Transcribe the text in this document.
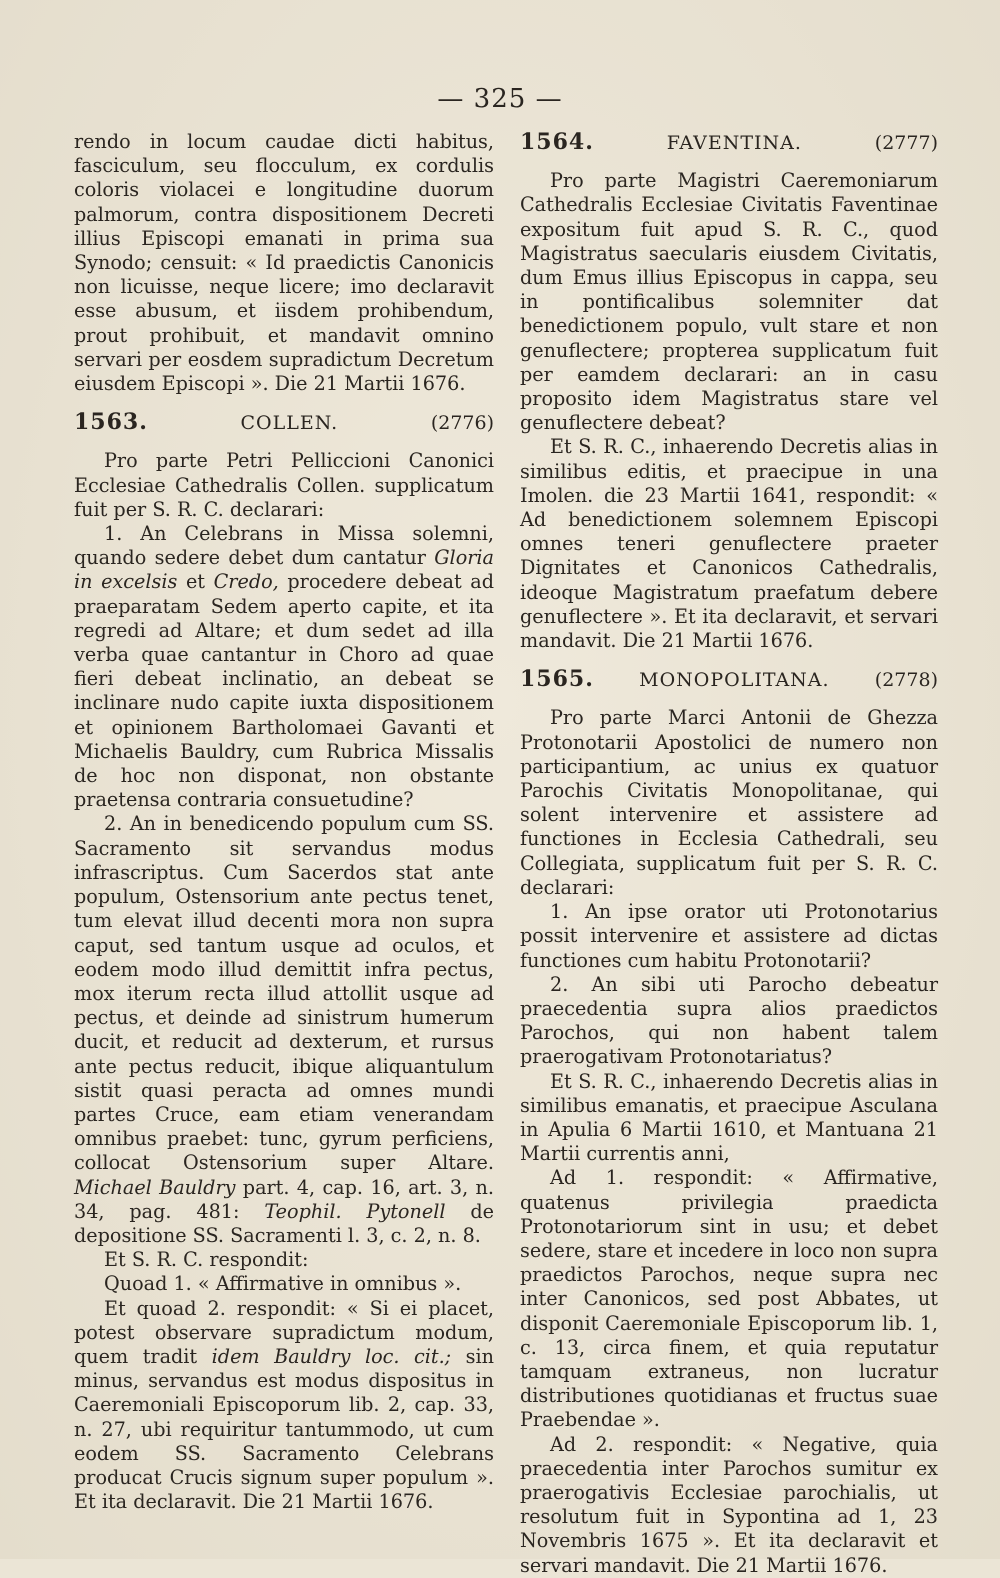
— 325 —

rendo in locum caudae dicti habitus, fasciculum, seu flocculum, ex cordulis coloris violacei e longitudine duorum palmorum, contra dispositionem Decreti illius Episcopi emanati in prima sua Synodo; censuit: « Id praedictis Canonicis non licuisse, neque licere; imo declaravit esse abusum, et iisdem prohibendum, prout prohibuit, et mandavit omnino servari per eosdem supradictum Decretum eiusdem Episcopi ». Die 21 Martii 1676.

1563.	COLLEN.	(2776)

Pro parte Petri Pelliccioni Canonici Ecclesiae Cathedralis Collen. supplicatum fuit per S. R. C. declarari:

1. An Celebrans in Missa solemni, quando sedere debet dum cantatur Gloria in excelsis et Credo, procedere debeat ad praeparatam Sedem aperto capite, et ita regredi ad Altare; et dum sedet ad illa verba quae cantantur in Choro ad quae fieri debeat inclinatio, an debeat se inclinare nudo capite iuxta dispositionem et opinionem Bartholomaei Gavanti et Michaelis Bauldry, cum Rubrica Missalis de hoc non disponat, non obstante praetensa contraria consuetudine?

2. An in benedicendo populum cum SS. Sacramento sit servandus modus infrascriptus. Cum Sacerdos stat ante populum, Ostensorium ante pectus tenet, tum elevat illud decenti mora non supra caput, sed tantum usque ad oculos, et eodem modo illud demittit infra pectus, mox iterum recta illud attollit usque ad pectus, et deinde ad sinistrum humerum ducit, et reducit ad dexterum, et rursus ante pectus reducit, ibique aliquantulum sistit quasi peracta ad omnes mundi partes Cruce, eam etiam venerandam omnibus praebet: tunc, gyrum perficiens, collocat Ostensorium super Altare. Michael Bauldry part. 4, cap. 16, art. 3, n. 34, pag. 481: Teophil. Pytonell de depositione SS. Sacramenti l. 3, c. 2, n. 8.

Et S. R. C. respondit:

Quoad 1. « Affirmative in omnibus ».

Et quoad 2. respondit: « Si ei placet, potest observare supradictum modum, quem tradit idem Bauldry loc. cit.; sin minus, servandus est modus dispositus in Caeremoniali Episcoporum lib. 2, cap. 33, n. 27, ubi requiritur tantummodo, ut cum eodem SS. Sacramento Celebrans producat Crucis signum super populum ». Et ita declaravit. Die 21 Martii 1676.

1564.	FAVENTINA.	(2777)

Pro parte Magistri Caeremoniarum Cathedralis Ecclesiae Civitatis Faventinae expositum fuit apud S. R. C., quod Magistratus saecularis eiusdem Civitatis, dum Emus illius Episcopus in cappa, seu in pontificalibus solemniter dat benedictionem populo, vult stare et non genuflectere; propterea supplicatum fuit per eamdem declarari: an in casu proposito idem Magistratus stare vel genuflectere debeat?

Et S. R. C., inhaerendo Decretis alias in similibus editis, et praecipue in una Imolen. die 23 Martii 1641, respondit: « Ad benedictionem solemnem Episcopi omnes teneri genuflectere praeter Dignitates et Canonicos Cathedralis, ideoque Magistratum praefatum debere genuflectere ». Et ita declaravit, et servari mandavit. Die 21 Martii 1676.

1565. MONOPOLITANA. (2778)

Pro parte Marci Antonii de Ghezza Protonotarii Apostolici de numero non participantium, ac unius ex quatuor Parochis Civitatis Monopolitanae, qui solent intervenire et assistere ad functiones in Ecclesia Cathedrali, seu Collegiata, supplicatum fuit per S. R. C. declarari:

1. An ipse orator uti Protonotarius possit intervenire et assistere ad dictas functiones cum habitu Protonotarii?

2. An sibi uti Parocho debeatur praecedentia supra alios praedictos Parochos, qui non habent talem praerogativam Protonotariatus?

Et S. R. C., inhaerendo Decretis alias in similibus emanatis, et praecipue Asculana in Apulia 6 Martii 1610, et Mantuana 21 Martii currentis anni,

Ad 1. respondit: « Affirmative, quatenus privilegia praedicta Protonotariorum sint in usu; et debet sedere, stare et incedere in loco non supra praedictos Parochos, neque supra nec inter Canonicos, sed post Abbates, ut disponit Caeremoniale Episcoporum lib. 1, c. 13, circa finem, et quia reputatur tamquam extraneus, non lucratur distributiones quotidianas et fructus suae Praebendae ».

Ad 2. respondit: « Negative, quia praecedentia inter Parochos sumitur ex praerogativis Ecclesiae parochialis, ut resolutum fuit in Sypontina ad 1, 23 Novembris 1675 ». Et ita declaravit et servari mandavit. Die 21 Martii 1676.
